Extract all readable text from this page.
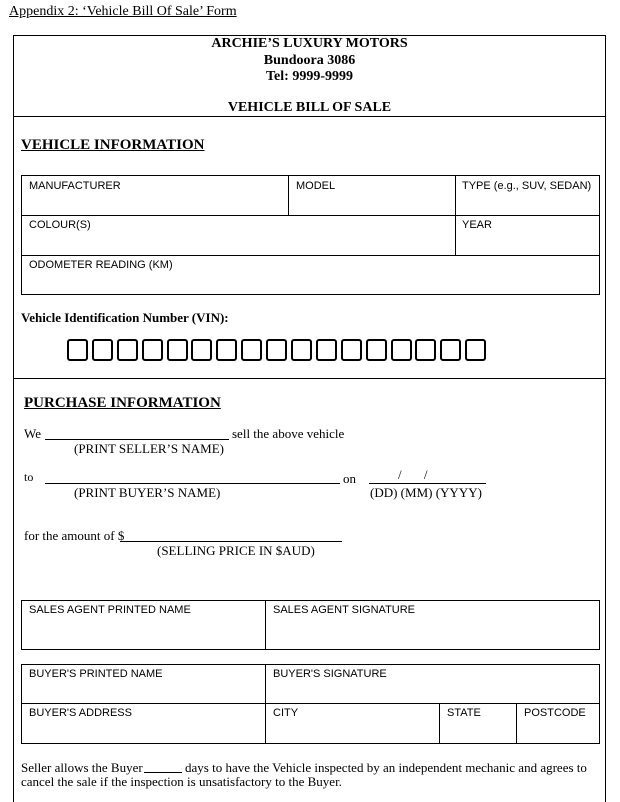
Appendix 2: ‘Vehicle Bill Of Sale’ Form
ARCHIE’S LUXURY MOTORS
Bundoora 3086
Tel: 9999-9999
VEHICLE BILL OF SALE
VEHICLE INFORMATION
MANUFACTURER	MODEL	TYPE (e.g., SUV, SEDAN)
COLOUR(S)	YEAR
ODOMETER READING (KM)
Vehicle Identification Number (VIN):
PURCHASE INFORMATION
We	sell the above vehicle
(PRINT SELLER’S NAME)
to	on	/ /
(PRINT BUYER’S NAME)	(DD) (MM) (YYYY)
for the amount of $
(SELLING PRICE IN $AUD)
SALES AGENT PRINTED NAME	SALES AGENT SIGNATURE
BUYER'S PRINTED NAME	BUYER'S SIGNATURE
BUYER'S ADDRESS	CITY	STATE	POSTCODE
Seller allows the Buyer	days to have the Vehicle inspected by an independent mechanic and agrees to
cancel the sale if the inspection is unsatisfactory to the Buyer.
